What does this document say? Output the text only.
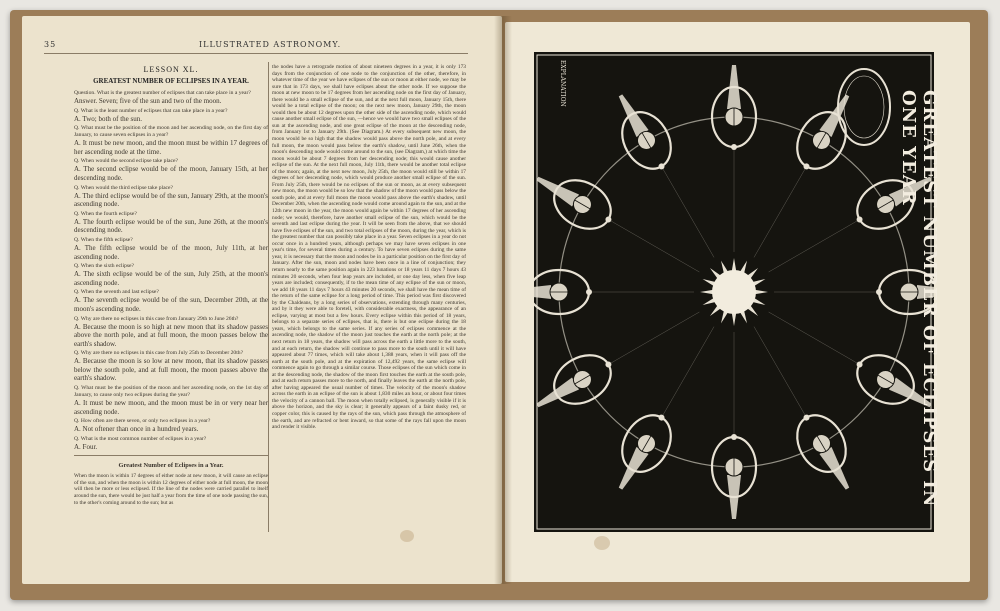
35	ILLUSTRATED ASTRONOMY.
LESSON XL.
GREATEST NUMBER OF ECLIPSES IN A YEAR.
Question. What is the greatest number of eclipses that can take place in a year?
Answer. Seven; five of the sun and two of the moon.
Q. What is the least number of eclipses that can take place in a year?
A. Two; both of the sun.
Q. What must be the position of the moon and her ascending node, on the first day of January, to cause seven eclipses in a year?
A. It must be new moon, and the moon must be within 17 degrees of her ascending node at the time.
Q. When would the second eclipse take place?
A. The second eclipse would be of the moon, January 15th, at her descending node.
Q. When would the third eclipse take place?
A. The third eclipse would be of the sun, January 29th, at the moon's ascending node.
Q. When the fourth eclipse?
A. The fourth eclipse would be of the sun, June 26th, at the moon's descending node.
Q. When the fifth eclipse?
A. The fifth eclipse would be of the moon, July 11th, at her ascending node.
Q. When the sixth eclipse?
A. The sixth eclipse would be of the sun, July 25th, at the moon's ascending node.
Q. When the seventh and last eclipse?
A. The seventh eclipse would be of the sun, December 20th, at the moon's ascending node.
Q. Why are there no eclipses in this case from January 29th to June 26th?
A. Because the moon is so high at new moon that its shadow passes above the north pole, and at full moon, the moon passes below the earth's shadow.
Q. Why are there no eclipses in this case from July 25th to December 20th?
A. Because the moon is so low at new moon, that its shadow passes below the south pole, and at full moon, the moon passes above the earth's shadow.
Q. What must be the position of the moon and her ascending node, on the 1st day of January, to cause only two eclipses during the year?
A. It must be new moon, and the moon must be in or very near her ascending node.
Q. How often are there seven, or only two eclipses in a year?
A. Not oftener than once in a hundred years.
Q. What is the most common number of eclipses in a year?
A. Four.
Greatest Number of Eclipses in a Year.
When the moon is within 17 degrees of either node at new moon, it will cause an eclipse of the sun, and when the moon is within 12 degrees of either node at full moon, the moon will then be more or less eclipsed. If the line of the nodes were carried parallel to itself around the sun, there would be just half a year from the time of one node passing the sun, to the other's coming around to the sun; but as
the nodes have a retrograde motion of about nineteen degrees in a year, it is only 173 days from the conjunction of one node to the conjunction of the other, therefore, in whatever time of the year we have eclipses of the sun or moon at either node, we may be sure that in 173 days, we shall have eclipses about the other node. If we suppose the moon at new moon to be 17 degrees from her ascending node on the first day of January, there would be a small eclipse of the sun, and at the next full moon, January 15th, there would be a total eclipse of the moon; on the next new moon, January 29th, the moon would then be about 12 degrees upon the other side of the ascending node, which would cause another small eclipse of the sun, —hence we would have two small eclipses of the sun at the ascending node, and one great eclipse of the moon at the descending node, from January 1st to January 29th. (See Diagram.) At every subsequent new moon, the moon would be so high that the shadow would pass above the north pole, and at every full moon, the moon would pass below the earth's shadow, until June 26th, when the moon's descending node would come around to the sun, (see Diagram,) at which time the moon would be about 7 degrees from her descending node; this would cause another eclipse of the sun. At the next full moon, July 11th, there would be another total eclipse of the moon; again, at the next new moon, July 25th, the moon would still be within 17 degrees of her descending node, which would produce another small eclipse of the sun. From July 25th, there would be no eclipses of the sun or moon, as at every subsequent new moon, the moon would be so low that the shadow of the moon would pass below the south pole, and at every full moon the moon would pass above the earth's shadow, until December 20th, when the ascending node would come around again to the sun, and at the 12th new moon in the year, the moon would again be within 17 degrees of her ascending node; we would, therefore, have another small eclipse of the sun, which would be the seventh and last eclipse during the year. It will be seen from the above, that we should have five eclipses of the sun, and two total eclipses of the moon, during the year, which is the greatest number that can possibly take place in a year. Seven eclipses in a year do not occur once in a hundred years, although perhaps we may have seven eclipses in one year's time, for several times during a century. To have seven eclipses during the same year, it is necessary that the moon and nodes be in a particular position on the first day of January. After the sun, moon and nodes have been once in a line of conjunction; they return nearly to the same position again in 223 lunations or 18 years 11 days 7 hours 43 minutes 20 seconds, when four leap years are included, or one day less, when five leap years are included; consequently, if to the mean time of any eclipse of the sun or moon, we add 18 years 11 days 7 hours 43 minutes 20 seconds, we shall have the mean time of the return of the same eclipse for a long period of time. This period was first discovered by the Chaldeans, by a long series of observations, extending through many centuries, and by it they were able to foretell, with considerable exactness, the appearance of an eclipse, varying at most but a few hours. Every eclipse within this period of 18 years, belongs to a separate series of eclipses, that is, there is but one eclipse during the 18 years, which belongs to the same series. If any series of eclipses commence at the ascending node, the shadow of the moon just touches the earth at the north pole; at the next return in 18 years, the shadow will pass across the earth a little more to the south, and at each return, the shadow will continue to pass more to the south until it will have appeared about 77 times, which will take about 1,388 years, when it will pass off the earth at the south pole, and at the expiration of 12,492 years, the same eclipse will commence again to go through a similar course. Those eclipses of the sun which come in at the descending node, the shadow of the moon first touches the earth at the south pole, and at each return passes more to the north, and finally leaves the earth at the north pole, after having appeared the usual number of times. The velocity of the moon's shadow across the earth in an eclipse of the sun is about 1,830 miles an hour, or about four times the velocity of a cannon ball. The moon when totally eclipsed, is generally visible if it is above the horizon, and the sky is clear; it generally appears of a faint dusky red, or copper color, this is caused by the rays of the sun, which pass through the atmosphere of the earth, and are refracted or bent inward, so that some of the rays fall upon the moon and render it visible.
EXPLANATION
GREATEST NUMBER OF ECLIPSES IN ONE YEAR
